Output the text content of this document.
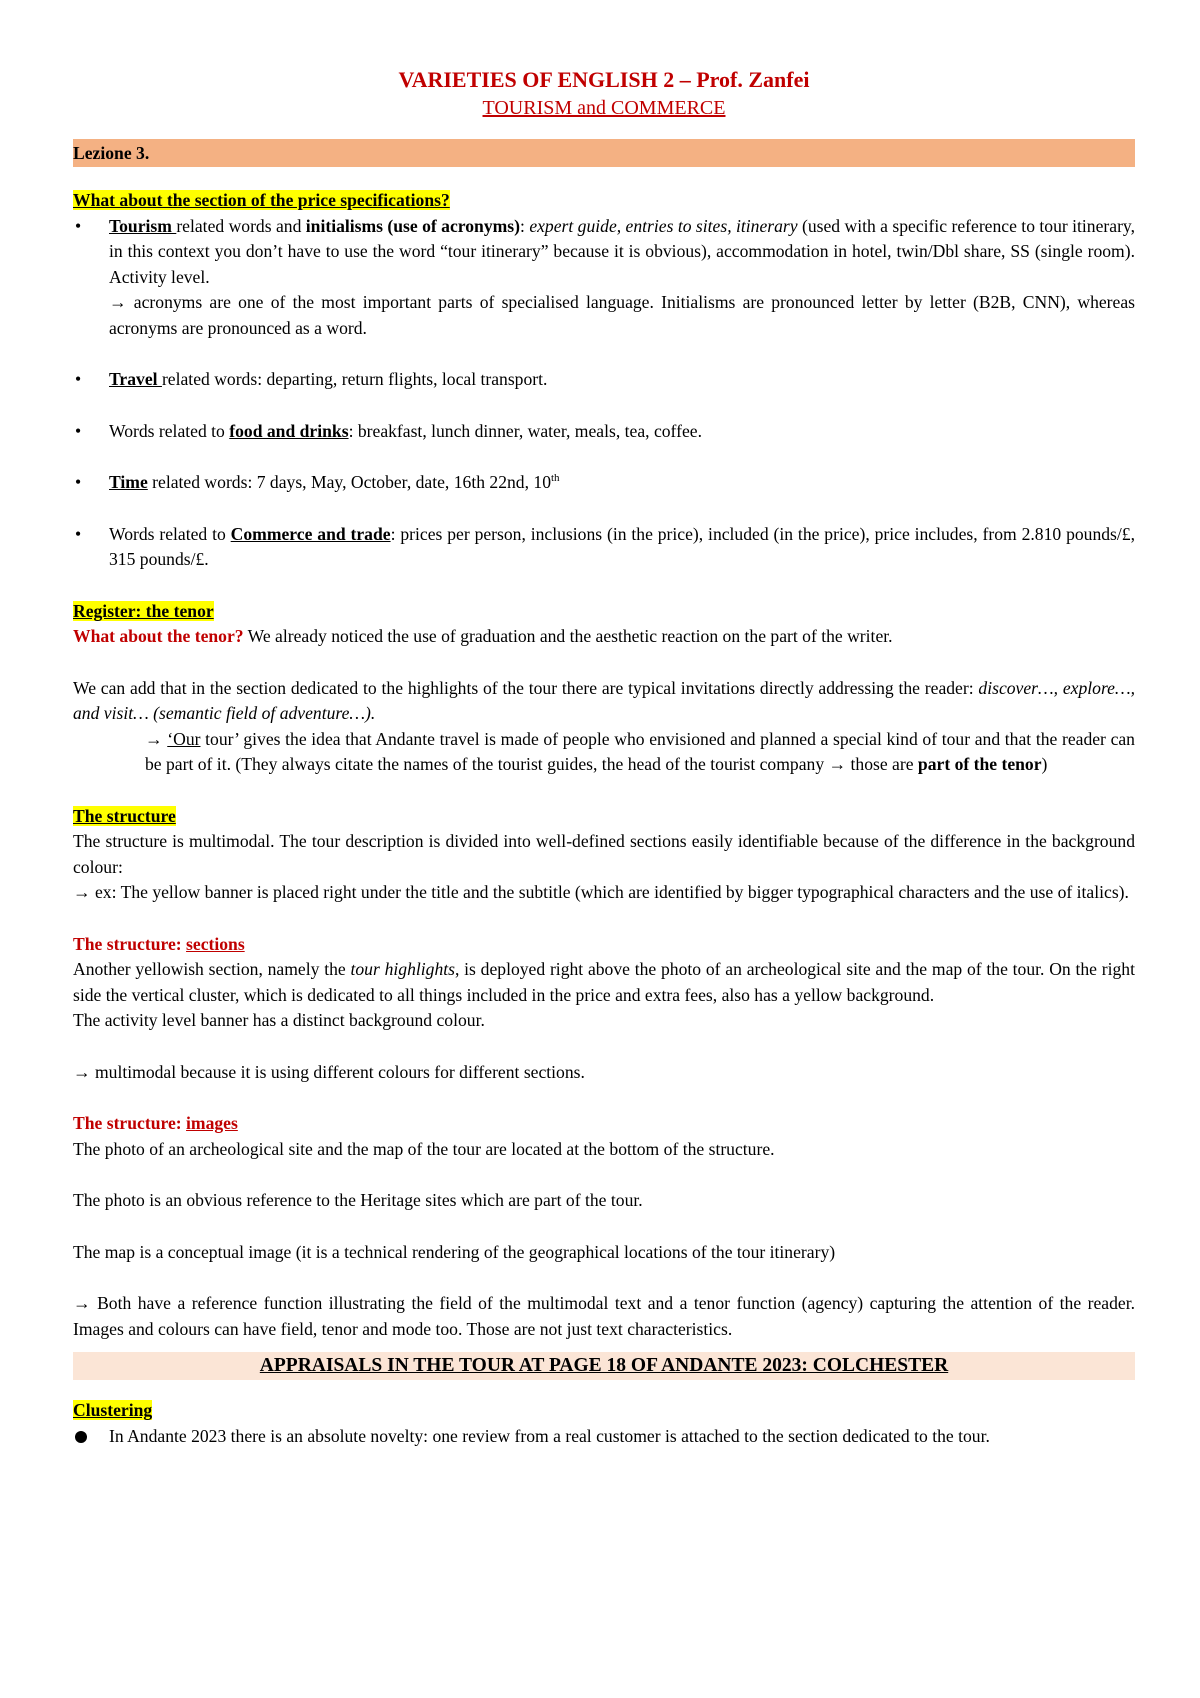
VARIETIES OF ENGLISH 2 – Prof. Zanfei
TOURISM and COMMERCE
Lezione 3.
What about the section of the price specifications?
• Tourism related words and initialisms (use of acronyms): expert guide, entries to sites, itinerary (used with a specific reference to tour itinerary, in this context you don’t have to use the word “tour itinerary” because it is obvious), accommodation in hotel, twin/Dbl share, SS (single room). Activity level.
→ acronyms are one of the most important parts of specialised language. Initialisms are pronounced letter by letter (B2B, CNN), whereas acronyms are pronounced as a word.
• Travel related words: departing, return flights, local transport.
• Words related to food and drinks: breakfast, lunch dinner, water, meals, tea, coffee.
• Time related words: 7 days, May, October, date, 16th 22nd, 10th
• Words related to Commerce and trade: prices per person, inclusions (in the price), included (in the price), price includes, from 2.810 pounds/£, 315 pounds/£.
Register: the tenor
What about the tenor? We already noticed the use of graduation and the aesthetic reaction on the part of the writer.
We can add that in the section dedicated to the highlights of the tour there are typical invitations directly addressing the reader: discover…, explore…, and visit… (semantic field of adventure…).
→ ‘Our tour’ gives the idea that Andante travel is made of people who envisioned and planned a special kind of tour and that the reader can be part of it. (They always citate the names of the tourist guides, the head of the tourist company → those are part of the tenor)
The structure
The structure is multimodal. The tour description is divided into well-defined sections easily identifiable because of the difference in the background colour:
→ ex: The yellow banner is placed right under the title and the subtitle (which are identified by bigger typographical characters and the use of italics).
The structure: sections
Another yellowish section, namely the tour highlights, is deployed right above the photo of an archeological site and the map of the tour. On the right side the vertical cluster, which is dedicated to all things included in the price and extra fees, also has a yellow background.
The activity level banner has a distinct background colour.
→ multimodal because it is using different colours for different sections.
The structure: images
The photo of an archeological site and the map of the tour are located at the bottom of the structure.
The photo is an obvious reference to the Heritage sites which are part of the tour.
The map is a conceptual image (it is a technical rendering of the geographical locations of the tour itinerary)
→ Both have a reference function illustrating the field of the multimodal text and a tenor function (agency) capturing the attention of the reader. Images and colours can have field, tenor and mode too. Those are not just text characteristics.
APPRAISALS IN THE TOUR AT PAGE 18 OF ANDANTE 2023: COLCHESTER
Clustering
In Andante 2023 there is an absolute novelty: one review from a real customer is attached to the section dedicated to the tour.
